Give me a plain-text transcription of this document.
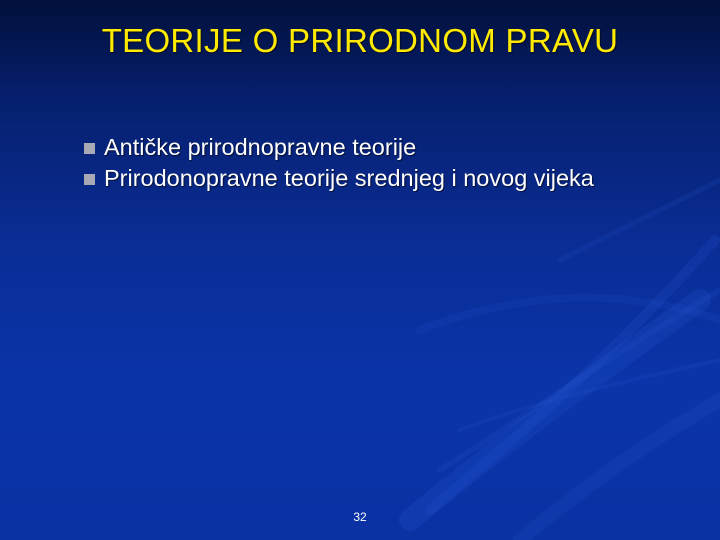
TEORIJE O PRIRODNOM PRAVU
Antičke prirodnopravne teorije
Prirodonopravne teorije srednjeg i novog vijeka
32
